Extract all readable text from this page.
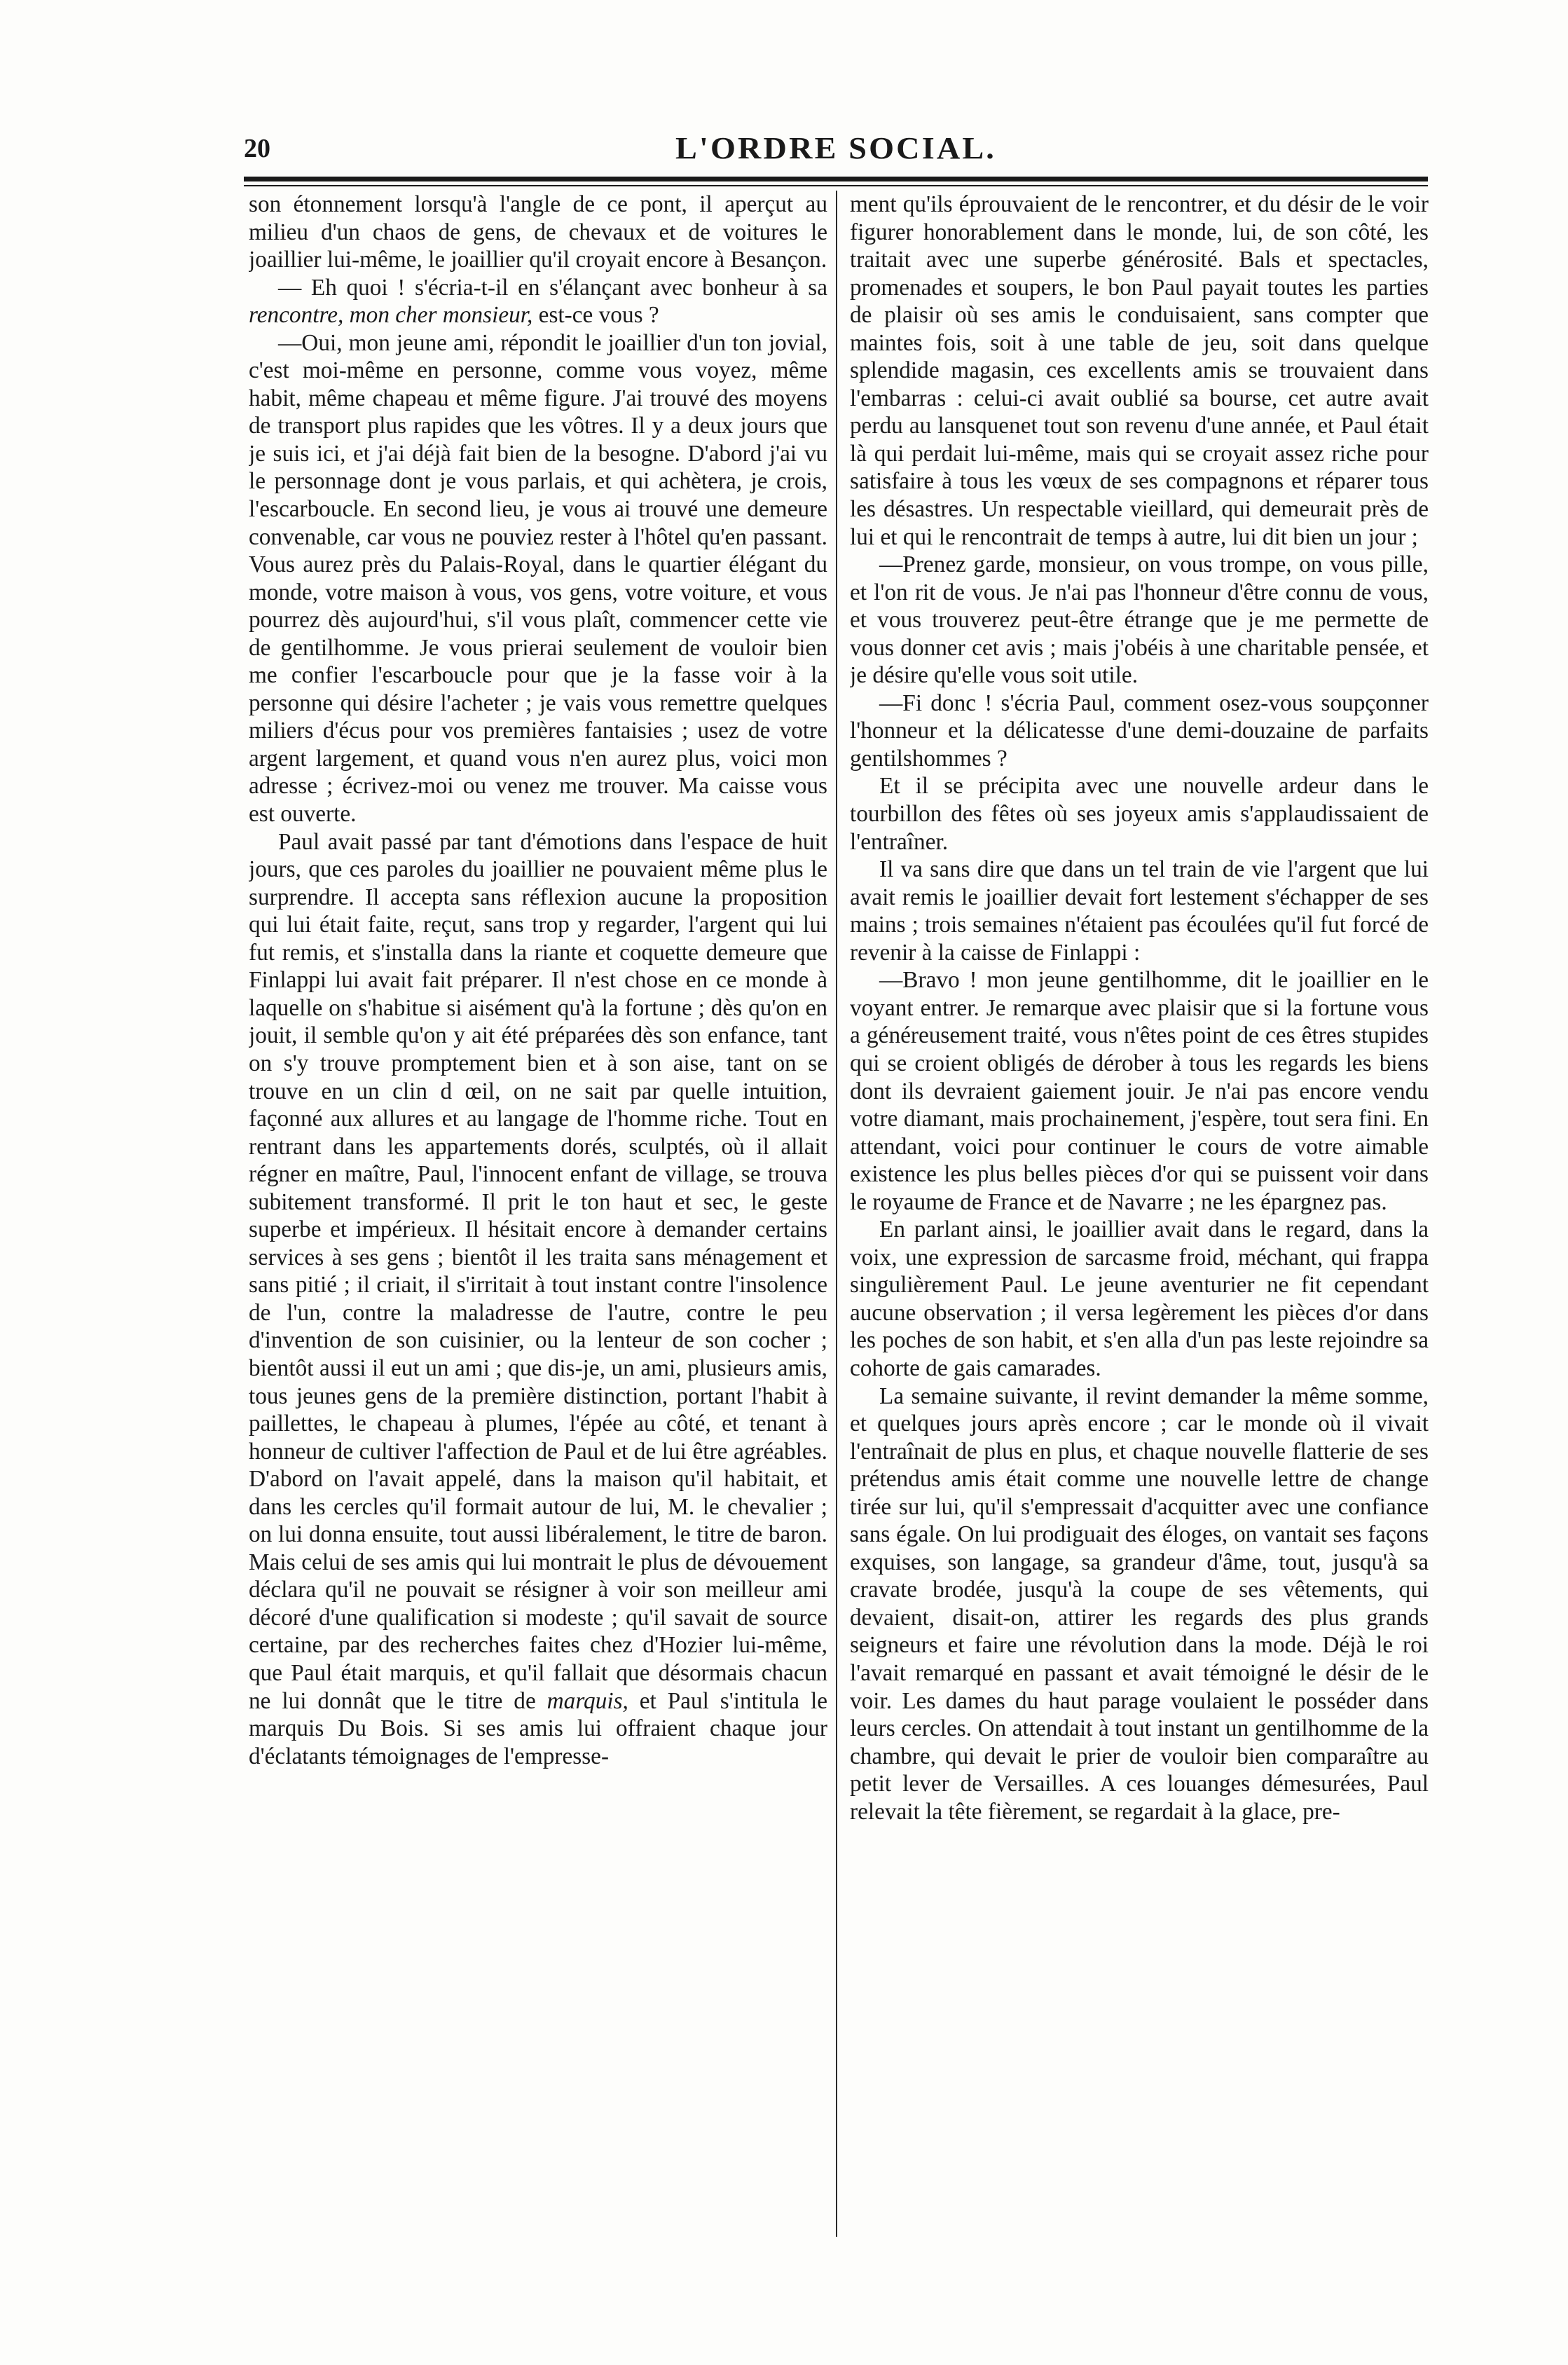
20	L'ORDRE SOCIAL.

son étonnement lorsqu'à l'angle de ce pont, il aperçut au milieu d'un chaos de gens, de chevaux et de voitures le joaillier lui-même, le joaillier qu'il croyait encore à Besançon.

— Eh quoi ! s'écria-t-il en s'élançant avec bonheur à sa rencontre, mon cher monsieur, est-ce vous ?

—Oui, mon jeune ami, répondit le joaillier d'un ton jovial, c'est moi-même en personne, comme vous voyez, même habit, même chapeau et même figure. J'ai trouvé des moyens de transport plus rapides que les vôtres. Il y a deux jours que je suis ici, et j'ai déjà fait bien de la besogne. D'abord j'ai vu le personnage dont je vous parlais, et qui achètera, je crois, l'escarboucle. En second lieu, je vous ai trouvé une demeure convenable, car vous ne pouviez rester à l'hôtel qu'en passant. Vous aurez près du Palais-Royal, dans le quartier élégant du monde, votre maison à vous, vos gens, votre voiture, et vous pourrez dès aujourd'hui, s'il vous plaît, commencer cette vie de gentilhomme. Je vous prierai seulement de vouloir bien me confier l'escarboucle pour que je la fasse voir à la personne qui désire l'acheter ; je vais vous remettre quelques miliers d'écus pour vos premières fantaisies ; usez de votre argent largement, et quand vous n'en aurez plus, voici mon adresse ; écrivez-moi ou venez me trouver. Ma caisse vous est ouverte.

Paul avait passé par tant d'émotions dans l'espace de huit jours, que ces paroles du joaillier ne pouvaient même plus le surprendre. Il accepta sans réflexion aucune la proposition qui lui était faite, reçut, sans trop y regarder, l'argent qui lui fut remis, et s'installa dans la riante et coquette demeure que Finlappi lui avait fait préparer. Il n'est chose en ce monde à laquelle on s'habitue si aisément qu'à la fortune ; dès qu'on en jouit, il semble qu'on y ait été préparées dès son enfance, tant on s'y trouve promptement bien et à son aise, tant on se trouve en un clin d œil, on ne sait par quelle intuition, façonné aux allures et au langage de l'homme riche. Tout en rentrant dans les appartements dorés, sculptés, où il allait régner en maître, Paul, l'innocent enfant de village, se trouva subitement transformé. Il prit le ton haut et sec, le geste superbe et impérieux. Il hésitait encore à demander certains services à ses gens ; bientôt il les traita sans ménagement et sans pitié ; il criait, il s'irritait à tout instant contre l'insolence de l'un, contre la maladresse de l'autre, contre le peu d'invention de son cuisinier, ou la lenteur de son cocher ; bientôt aussi il eut un ami ; que dis-je, un ami, plusieurs amis, tous jeunes gens de la première distinction, portant l'habit à paillettes, le chapeau à plumes, l'épée au côté, et tenant à honneur de cultiver l'affection de Paul et de lui être agréables. D'abord on l'avait appelé, dans la maison qu'il habitait, et dans les cercles qu'il formait autour de lui, M. le chevalier ; on lui donna ensuite, tout aussi libéralement, le titre de baron. Mais celui de ses amis qui lui montrait le plus de dévouement déclara qu'il ne pouvait se résigner à voir son meilleur ami décoré d'une qualification si modeste ; qu'il savait de source certaine, par des recherches faites chez d'Hozier lui-même, que Paul était marquis, et qu'il fallait que désormais chacun ne lui donnât que le titre de marquis, et Paul s'intitula le marquis Du Bois. Si ses amis lui offraient chaque jour d'éclatants témoignages de l'empresse-

ment qu'ils éprouvaient de le rencontrer, et du désir de le voir figurer honorablement dans le monde, lui, de son côté, les traitait avec une superbe générosité. Bals et spectacles, promenades et soupers, le bon Paul payait toutes les parties de plaisir où ses amis le conduisaient, sans compter que maintes fois, soit à une table de jeu, soit dans quelque splendide magasin, ces excellents amis se trouvaient dans l'embarras : celui-ci avait oublié sa bourse, cet autre avait perdu au lansquenet tout son revenu d'une année, et Paul était là qui perdait lui-même, mais qui se croyait assez riche pour satisfaire à tous les vœux de ses compagnons et réparer tous les désastres. Un respectable vieillard, qui demeurait près de lui et qui le rencontrait de temps à autre, lui dit bien un jour ;

—Prenez garde, monsieur, on vous trompe, on vous pille, et l'on rit de vous. Je n'ai pas l'honneur d'être connu de vous, et vous trouverez peut-être étrange que je me permette de vous donner cet avis ; mais j'obéis à une charitable pensée, et je désire qu'elle vous soit utile.

—Fi donc ! s'écria Paul, comment osez-vous soupçonner l'honneur et la délicatesse d'une demi-douzaine de parfaits gentilshommes ?

Et il se précipita avec une nouvelle ardeur dans le tourbillon des fêtes où ses joyeux amis s'applaudissaient de l'entraîner.

Il va sans dire que dans un tel train de vie l'argent que lui avait remis le joaillier devait fort lestement s'échapper de ses mains ; trois semaines n'étaient pas écoulées qu'il fut forcé de revenir à la caisse de Finlappi :

—Bravo ! mon jeune gentilhomme, dit le joaillier en le voyant entrer. Je remarque avec plaisir que si la fortune vous a généreusement traité, vous n'êtes point de ces êtres stupides qui se croient obligés de dérober à tous les regards les biens dont ils devraient gaiement jouir. Je n'ai pas encore vendu votre diamant, mais prochainement, j'espère, tout sera fini. En attendant, voici pour continuer le cours de votre aimable existence les plus belles pièces d'or qui se puissent voir dans le royaume de France et de Navarre ; ne les épargnez pas.

En parlant ainsi, le joaillier avait dans le regard, dans la voix, une expression de sarcasme froid, méchant, qui frappa singulièrement Paul. Le jeune aventurier ne fit cependant aucune observation ; il versa legèrement les pièces d'or dans les poches de son habit, et s'en alla d'un pas leste rejoindre sa cohorte de gais camarades.

La semaine suivante, il revint demander la même somme, et quelques jours après encore ; car le monde où il vivait l'entraînait de plus en plus, et chaque nouvelle flatterie de ses prétendus amis était comme une nouvelle lettre de change tirée sur lui, qu'il s'empressait d'acquitter avec une confiance sans égale. On lui prodiguait des éloges, on vantait ses façons exquises, son langage, sa grandeur d'âme, tout, jusqu'à sa cravate brodée, jusqu'à la coupe de ses vêtements, qui devaient, disait-on, attirer les regards des plus grands seigneurs et faire une révolution dans la mode. Déjà le roi l'avait remarqué en passant et avait témoigné le désir de le voir. Les dames du haut parage voulaient le posséder dans leurs cercles. On attendait à tout instant un gentilhomme de la chambre, qui devait le prier de vouloir bien comparaître au petit lever de Versailles. A ces louanges démesurées, Paul relevait la tête fièrement, se regardait à la glace, pre-
